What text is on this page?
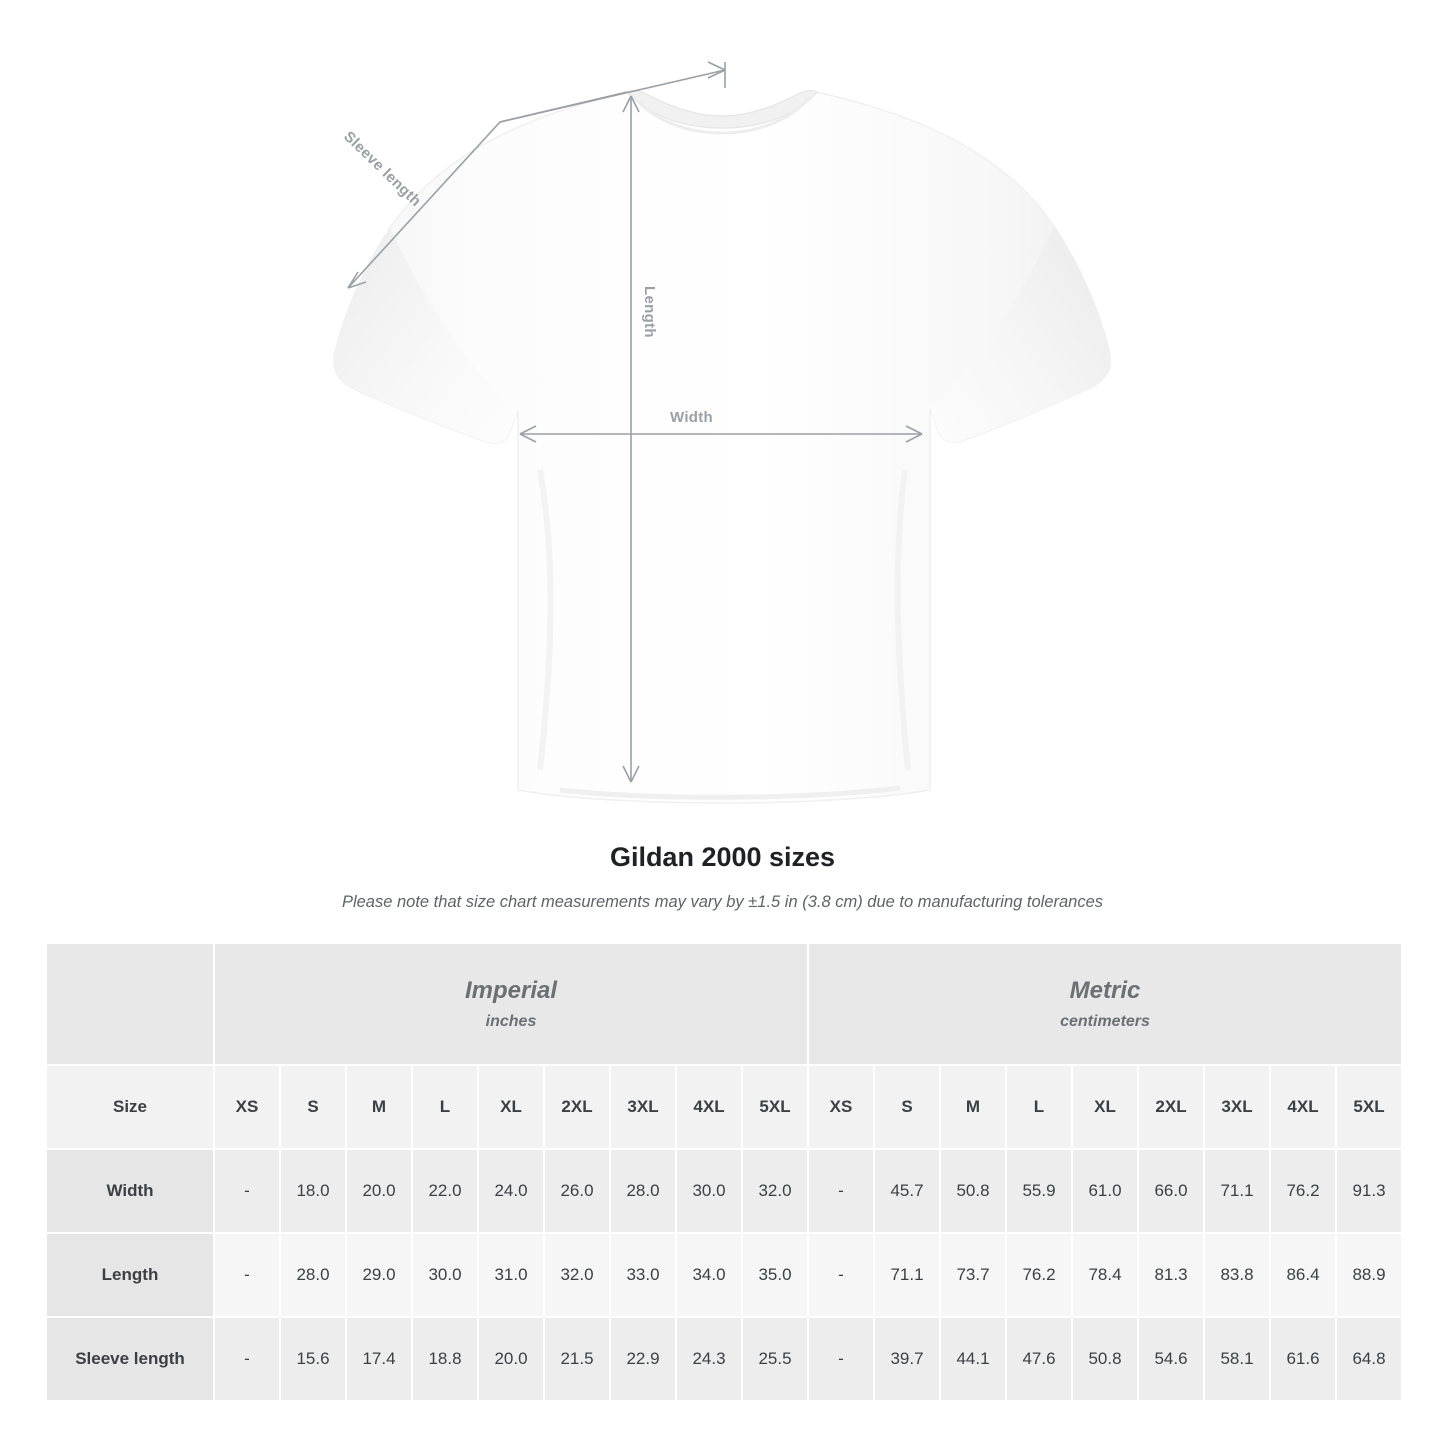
Sleeve length
Length
Width
Gildan 2000 sizes
Please note that size chart measurements may vary by ±1.5 in (3.8 cm) due to manufacturing tolerances

Imperial
inches

Metric
centimeters

Size	XS	S	M	L	XL	2XL	3XL	4XL	5XL	XS	S	M	L	XL	2XL	3XL	4XL	5XL
Width	-	18.0	20.0	22.0	24.0	26.0	28.0	30.0	32.0	-	45.7	50.8	55.9	61.0	66.0	71.1	76.2	91.3
Length	-	28.0	29.0	30.0	31.0	32.0	33.0	34.0	35.0	-	71.1	73.7	76.2	78.4	81.3	83.8	86.4	88.9
Sleeve length	-	15.6	17.4	18.8	20.0	21.5	22.9	24.3	25.5	-	39.7	44.1	47.6	50.8	54.6	58.1	61.6	64.8
